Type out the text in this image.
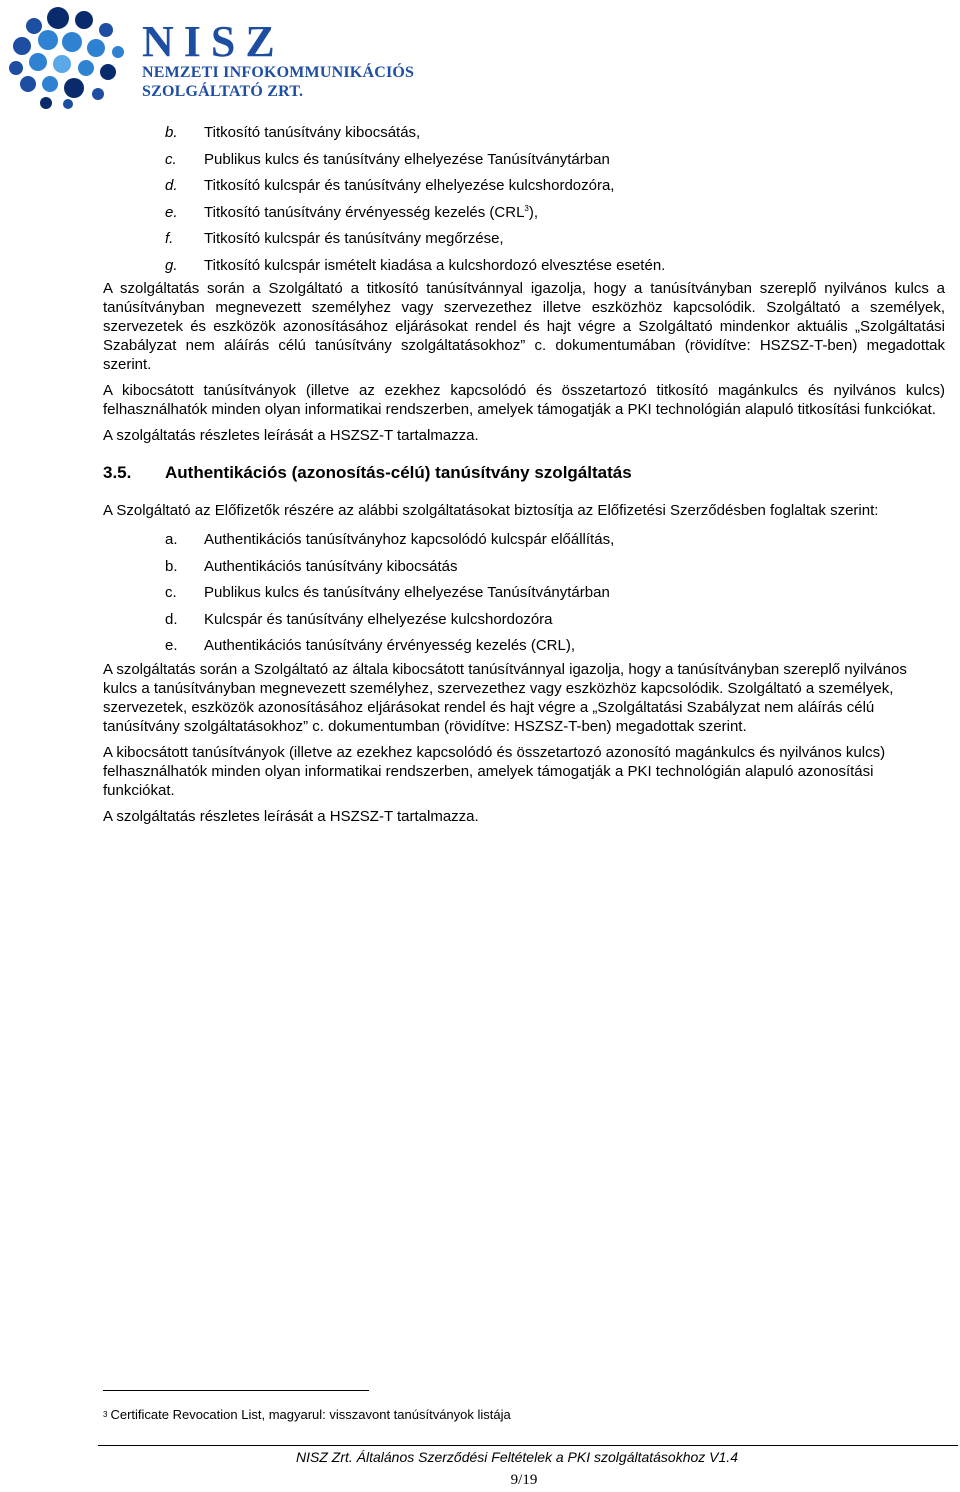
NISZ
NEMZETI INFOKOMMUNIKÁCIÓS
SZOLGÁLTATÓ ZRT.
b. Titkosító tanúsítvány kibocsátás,
c. Publikus kulcs és tanúsítvány elhelyezése Tanúsítványtárban
d. Titkosító kulcspár és tanúsítvány elhelyezése kulcshordozóra,
e. Titkosító tanúsítvány érvényesség kezelés (CRL$^3$),
f. Titkosító kulcspár és tanúsítvány megőrzése,
g. Titkosító kulcspár ismételt kiadása a kulcshordozó elvesztése esetén.

A szolgáltatás során a Szolgáltató a titkosító tanúsítvánnyal igazolja, hogy a tanúsítványban szereplő nyilvános kulcs a tanúsítványban megnevezett személyhez vagy szervezethez illetve eszközhöz kapcsolódik. Szolgáltató a személyek, szervezetek és eszközök azonosításához eljárásokat rendel és hajt végre a Szolgáltató mindenkor aktuális „Szolgáltatási Szabályzat nem aláírás célú tanúsítvány szolgáltatásokhoz” c. dokumentumában (rövidítve: HSZSZ-T-ben) megadottak szerint.

A kibocsátott tanúsítványok (illetve az ezekhez kapcsolódó és összetartozó titkosító magánkulcs és nyilvános kulcs) felhasználhatók minden olyan informatikai rendszerben, amelyek támogatják a PKI technológián alapuló titkosítási funkciókat.

A szolgáltatás részletes leírását a HSZSZ-T tartalmazza.

3.5.	Authentikációs (azonosítás-célú) tanúsítvány szolgáltatás

A Szolgáltató az Előfizetők részére az alábbi szolgáltatásokat biztosítja az Előfizetési Szerződésben foglaltak szerint:

a. Authentikációs tanúsítványhoz kapcsolódó kulcspár előállítás,
b. Authentikációs tanúsítvány kibocsátás
c. Publikus kulcs és tanúsítvány elhelyezése Tanúsítványtárban
d. Kulcspár és tanúsítvány elhelyezése kulcshordozóra
e. Authentikációs tanúsítvány érvényesség kezelés (CRL),

A szolgáltatás során a Szolgáltató az általa kibocsátott tanúsítvánnyal igazolja, hogy a tanúsítványban szereplő nyilvános kulcs a tanúsítványban megnevezett személyhez, szervezethez vagy eszközhöz kapcsolódik. Szolgáltató a személyek, szervezetek, eszközök azonosításához eljárásokat rendel és hajt végre a „Szolgáltatási Szabályzat nem aláírás célú tanúsítvány szolgáltatásokhoz” c. dokumentumban (rövidítve: HSZSZ-T-ben) megadottak szerint.

A kibocsátott tanúsítványok (illetve az ezekhez kapcsolódó és összetartozó azonosító magánkulcs és nyilvános kulcs) felhasználhatók minden olyan informatikai rendszerben, amelyek támogatják a PKI technológián alapuló azonosítási funkciókat.

A szolgáltatás részletes leírását a HSZSZ-T tartalmazza.

3 Certificate Revocation List, magyarul: visszavont tanúsítványok listája
NISZ Zrt. Általános Szerződési Feltételek a PKI szolgáltatásokhoz V1.4
9/19
